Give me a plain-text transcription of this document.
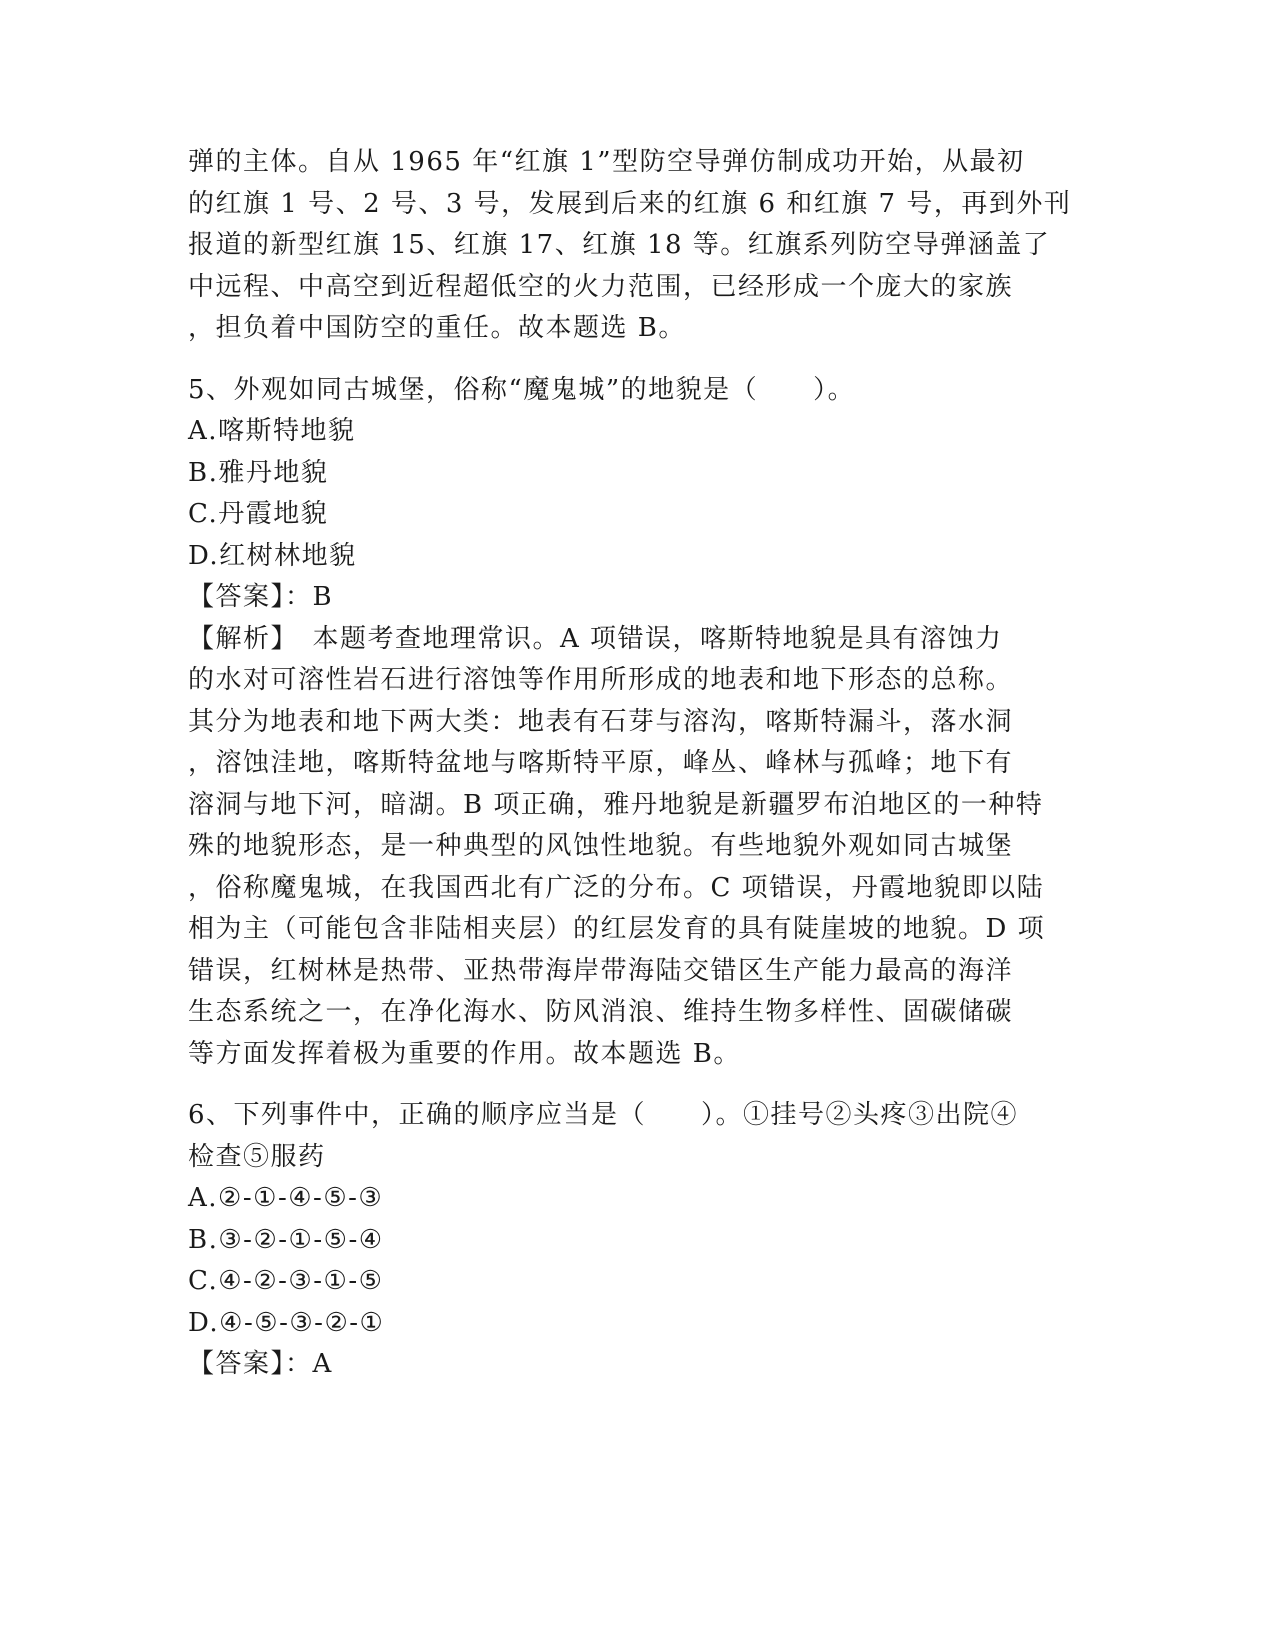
弹的主体。自从 1965 年“红旗 1”型防空导弹仿制成功开始，从最初
的红旗 1 号、2 号、3 号，发展到后来的红旗 6 和红旗 7 号，再到外刊
报道的新型红旗 15、红旗 17、红旗 18 等。红旗系列防空导弹涵盖了
中远程、中高空到近程超低空的火力范围，已经形成一个庞大的家族
，担负着中国防空的重任。故本题选 B。
5、外观如同古城堡，俗称“魔鬼城”的地貌是（　　）。
A.喀斯特地貌
B.雅丹地貌
C.丹霞地貌
D.红树林地貌
【答案】：B
【解析】　本题考查地理常识。A 项错误，喀斯特地貌是具有溶蚀力
的水对可溶性岩石进行溶蚀等作用所形成的地表和地下形态的总称。
其分为地表和地下两大类：地表有石芽与溶沟，喀斯特漏斗，落水洞
，溶蚀洼地，喀斯特盆地与喀斯特平原，峰丛、峰林与孤峰；地下有
溶洞与地下河，暗湖。B 项正确，雅丹地貌是新疆罗布泊地区的一种特
殊的地貌形态，是一种典型的风蚀性地貌。有些地貌外观如同古城堡
，俗称魔鬼城，在我国西北有广泛的分布。C 项错误，丹霞地貌即以陆
相为主（可能包含非陆相夹层）的红层发育的具有陡崖坡的地貌。D 项
错误，红树林是热带、亚热带海岸带海陆交错区生产能力最高的海洋
生态系统之一，在净化海水、防风消浪、维持生物多样性、固碳储碳
等方面发挥着极为重要的作用。故本题选 B。
6、下列事件中，正确的顺序应当是（　　）。①挂号②头疼③出院④
检查⑤服药
A.②-①-④-⑤-③
B.③-②-①-⑤-④
C.④-②-③-①-⑤
D.④-⑤-③-②-①
【答案】：A
